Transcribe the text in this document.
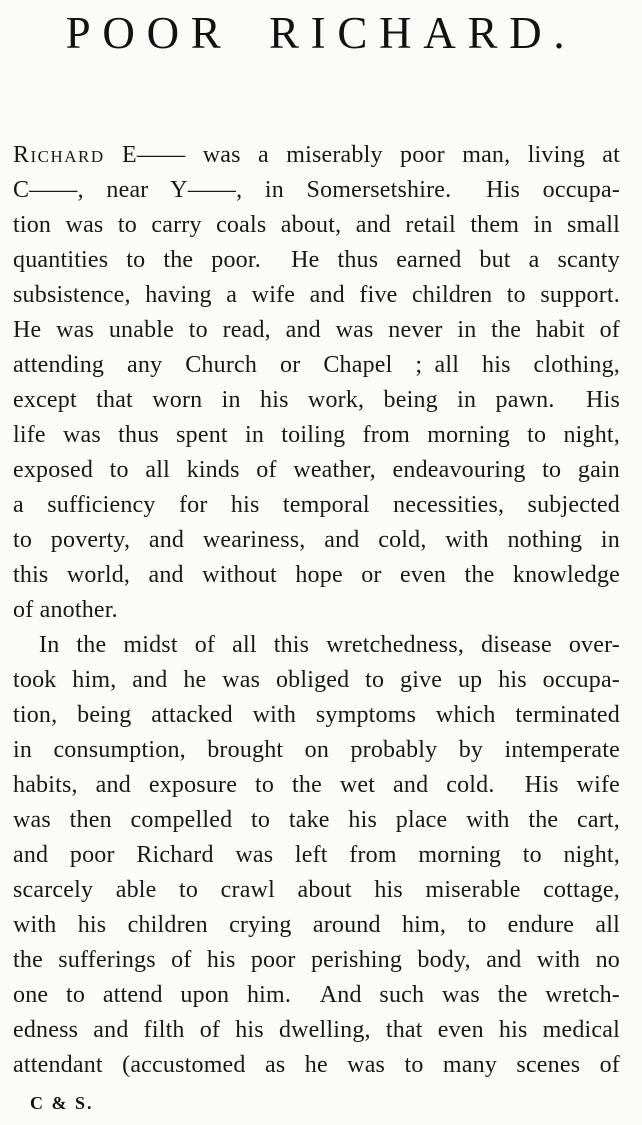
POOR RICHARD.
Richard E—— was a miserably poor man, living at
C——, near Y——, in Somersetshire.  His occupa-
tion was to carry coals about, and retail them in small
quantities to the poor.  He thus earned but a scanty
subsistence, having a wife and five children to support.
He was unable to read, and was never in the habit of
attending any Church or Chapel ; all his clothing,
except that worn in his work, being in pawn.  His
life was thus spent in toiling from morning to night,
exposed to all kinds of weather, endeavouring to gain
a sufficiency for his temporal necessities, subjected
to poverty, and weariness, and cold, with nothing in
this world, and without hope or even the knowledge
of another.
In the midst of all this wretchedness, disease over-
took him, and he was obliged to give up his occupa-
tion, being attacked with symptoms which terminated
in consumption, brought on probably by intemperate
habits, and exposure to the wet and cold.  His wife
was then compelled to take his place with the cart,
and poor Richard was left from morning to night,
scarcely able to crawl about his miserable cottage,
with his children crying around him, to endure all
the sufferings of his poor perishing body, and with no
one to attend upon him.  And such was the wretch-
edness and filth of his dwelling, that even his medical
attendant (accustomed as he was to many scenes of
C & S.
